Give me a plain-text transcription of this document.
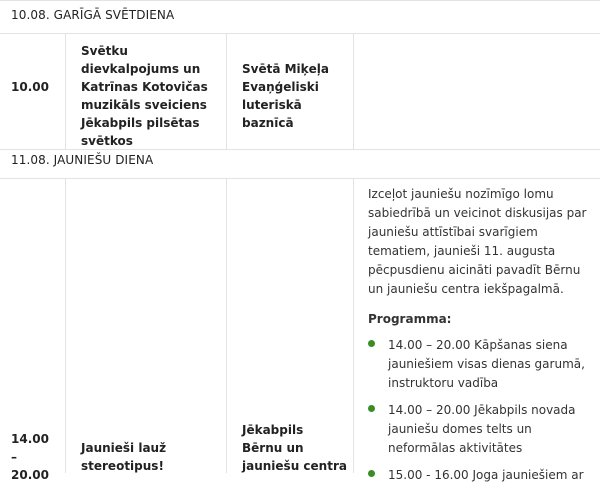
10.08. GARĪGĀ SVĒTDIENA
10.00
Svētku dievkalpojums un Katrīnas Kotovičas muzikāls sveiciens Jēkabpils pilsētas svētkos
Svētā Miķeļa Evaņģeliski luteriskā baznīcā
11.08. JAUNIEŠU DIENA
14.00
–
20.00
Jaunieši lauž stereotipus!
Jēkabpils Bērnu un jauniešu centra
Izceļot jauniešu nozīmīgo lomu sabiedrībā un veicinot diskusijas par jauniešu attīstībai svarīgiem tematiem, jaunieši 11. augusta pēcpusdienu aicināti pavadīt Bērnu un jauniešu centra iekšpagalmā.
Programma:
14.00 – 20.00 Kāpšanas siena jauniešiem visas dienas garumā, instruktoru vadība
14.00 – 20.00 Jēkabpils novada jauniešu domes telts un neformālas aktivitātes
15.00 - 16.00 Joga jauniešiem ar
